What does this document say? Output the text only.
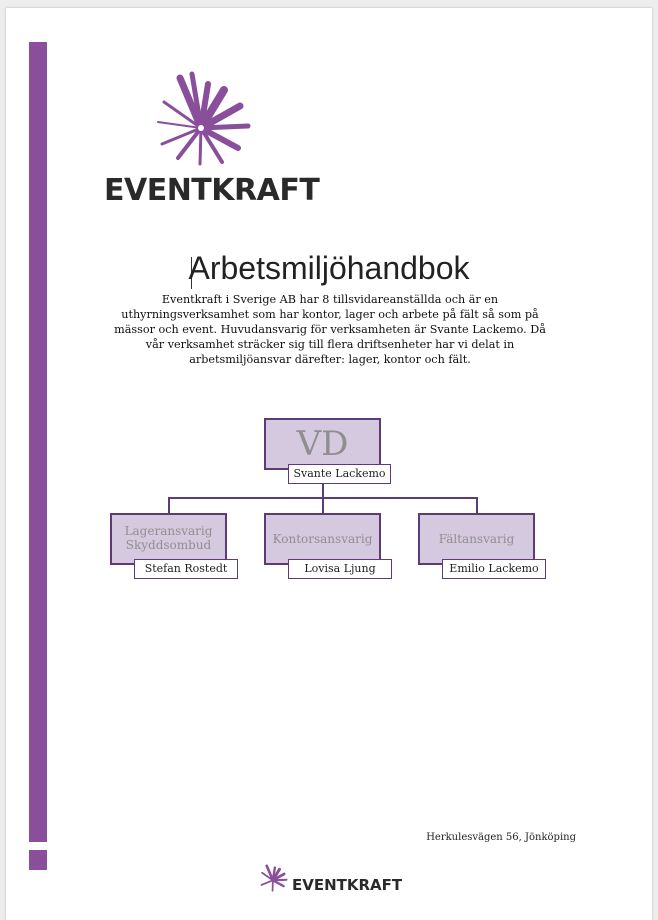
EVENTKRAFT
Arbetsmiljöhandbok
Eventkraft i Sverige AB har 8 tillsvidareanställda och är en uthyrningsverksamhet som har kontor, lager och arbete på fält så som på mässor och event. Huvudansvarig för verksamheten är Svante Lackemo. Då vår verksamhet sträcker sig till flera driftsenheter har vi delat in arbetsmiljöansvar därefter: lager, kontor och fält.
VD
Svante Lackemo
Lageransvarig
Skyddsombud
Stefan Rostedt
Kontorsansvarig
Lovisa Ljung
Fältansvarig
Emilio Lackemo
Herkulesvägen 56, Jönköping
EVENTKRAFT
